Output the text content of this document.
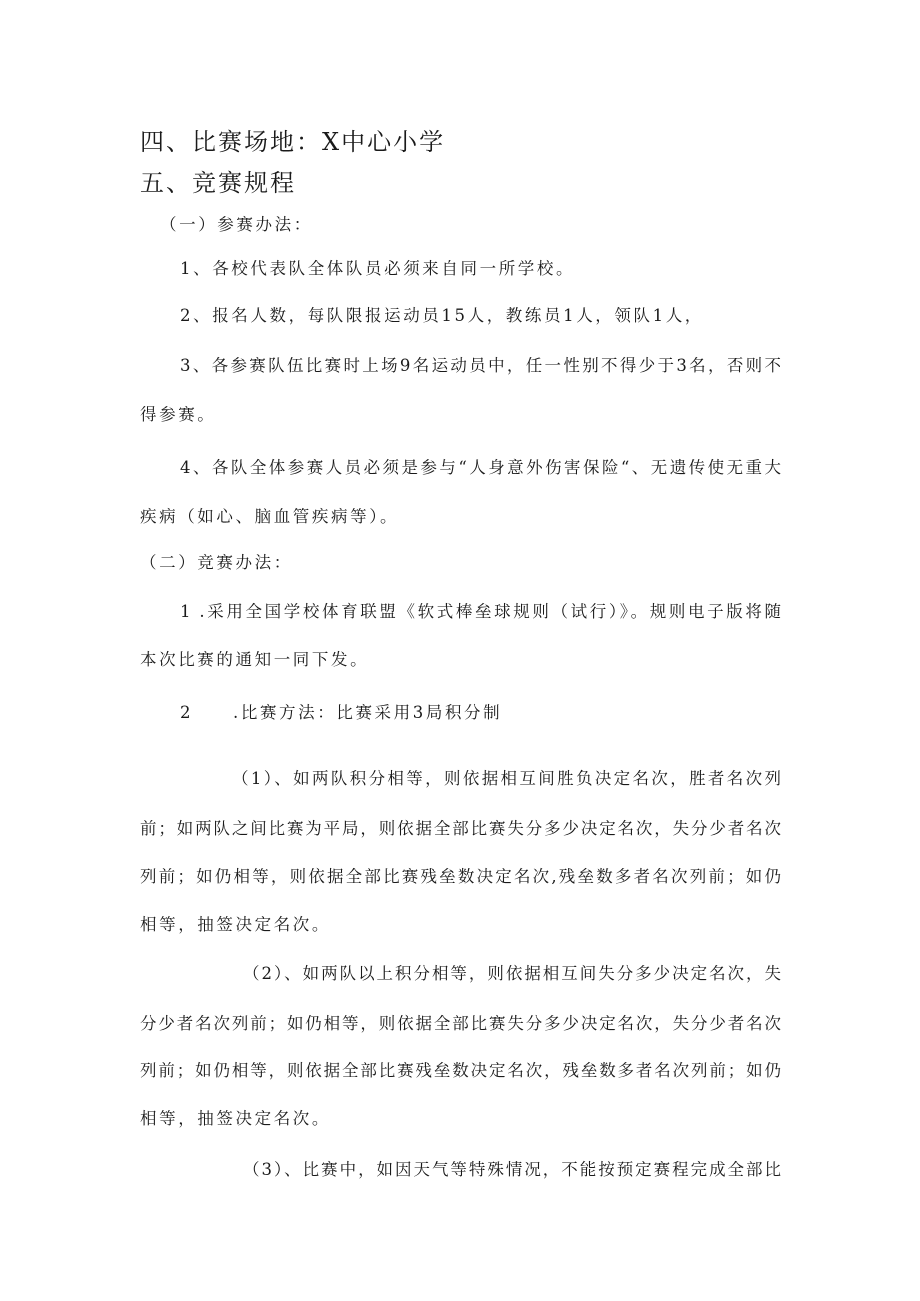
四、比赛场地：X中心小学

五、竞赛规程

（一）参赛办法：

1、各校代表队全体队员必须来自同一所学校。

2、报名人数，每队限报运动员15人，教练员1人，领队1人，

3、各参赛队伍比赛时上场9名运动员中，任一性别不得少于3名，否则不

得参赛。

4、各队全体参赛人员必须是参与“人身意外伤害保险“、无遗传使无重大

疾病（如心、脑血管疾病等）。

（二）竞赛办法：

1 .采用全国学校体育联盟《软式棒垒球规则（试行）》。规则电子版将随

本次比赛的通知一同下发。

2 .比赛方法：比赛采用3局积分制

（1）、如两队积分相等，则依据相互间胜负决定名次，胜者名次列

前；如两队之间比赛为平局，则依据全部比赛失分多少决定名次，失分少者名次

列前；如仍相等，则依据全部比赛残垒数决定名次,残垒数多者名次列前；如仍

相等，抽签决定名次。

（2）、如两队以上积分相等，则依据相互间失分多少决定名次，失

分少者名次列前；如仍相等，则依据全部比赛失分多少决定名次，失分少者名次

列前；如仍相等，则依据全部比赛残垒数决定名次，残垒数多者名次列前；如仍

相等，抽签决定名次。

（3）、比赛中，如因天气等特殊情况，不能按预定赛程完成全部比
